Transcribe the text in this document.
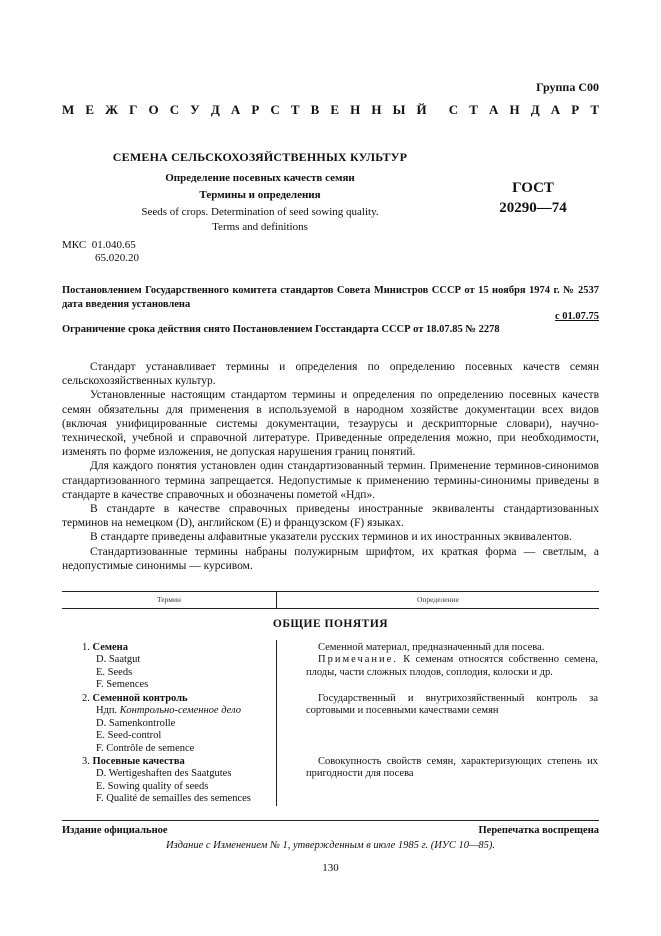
Группа С00
М Е Ж Г О С У Д А Р С Т В Е Н Н Ы Й С Т А Н Д А Р Т
СЕМЕНА СЕЛЬСКОХОЗЯЙСТВЕННЫХ КУЛЬТУР
Определение посевных качеств семян
Термины и определения
Seeds of crops. Determination of seed sowing quality.
Terms and definitions
ГОСТ
20290—74
МКС 01.040.65
65.020.20
Постановлением Государственного комитета стандартов Совета Министров СССР от 15 ноября 1974 г. № 2537 дата введения установлена
с 01.07.75
Ограничение срока действия снято Постановлением Госстандарта СССР от 18.07.85 № 2278

Стандарт устанавливает термины и определения по определению посевных качеств семян сельскохозяйственных культур.

Установленные настоящим стандартом термины и определения по определению посевных качеств семян обязательны для применения в используемой в народном хозяйстве документации всех видов (включая унифицированные системы документации, тезаурусы и дескрипторные словари), научно-технической, учебной и справочной литературе. Приведенные определения можно, при необходимости, изменять по форме изложения, не допуская нарушения границ понятий.

Для каждого понятия установлен один стандартизованный термин. Применение терминов-синонимов стандартизованного термина запрещается. Недопустимые к применению термины-синонимы приведены в стандарте в качестве справочных и обозначены пометой «Ндп».

В стандарте в качестве справочных приведены иностранные эквиваленты стандартизованных терминов на немецком (D), английском (E) и французском (F) языках.

В стандарте приведены алфавитные указатели русских терминов и их иностранных эквивалентов.

Стандартизованные термины набраны полужирным шрифтом, их краткая форма — светлым, а недопустимые синонимы — курсивом.

Термин	Определение
ОБЩИЕ ПОНЯТИЯ
1. Семена
D. Saatgut
E. Seeds
F. Semences
Семенной материал, предназначенный для посева.
Примечание. К семенам относятся собственно семена, плоды, части сложных плодов, соплодия, колоски и др.
2. Семенной контроль
Ндп. Контрольно-семенное дело
D. Samenkontrolle
E. Seed-control
F. Contrôle de semence
Государственный и внутрихозяйственный контроль за сортовыми и посевными качествами семян
3. Посевные качества
D. Wertigeshaften des Saatgutes
E. Sowing quality of seeds
F. Qualité de semailles des semences
Совокупность свойств семян, характеризующих степень их пригодности для посева
Издание официальное	Перепечатка воспрещена
Издание с Изменением № 1, утвержденным в июле 1985 г. (ИУС 10—85).
130
